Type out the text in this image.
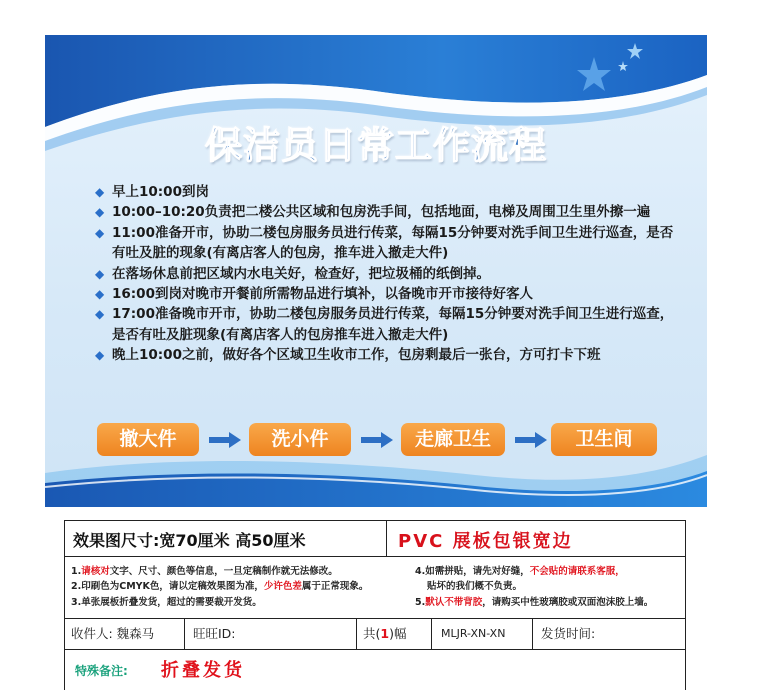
保洁员日常工作流程
◆ 早上10:00到岗
◆ 10:00–10:20负责把二楼公共区域和包房洗手间，包括地面，电梯及周围卫生里外擦一遍
◆ 11:00准备开市，协助二楼包房服务员进行传菜，每隔15分钟要对洗手间卫生进行巡查，是否有吐及脏的现象(有离店客人的包房，推车进入撤走大件)
◆ 在落场休息前把区域内水电关好，检查好，把垃圾桶的纸倒掉。
◆ 16:00到岗对晚市开餐前所需物品进行填补，以备晚市开市接待好客人
◆ 17:00准备晚市开市，协助二楼包房服务员进行传菜，每隔15分钟要对洗手间卫生进行巡查，是否有吐及脏现象(有离店客人的包房推车进入撤走大件)
◆ 晚上10:00之前，做好各个区域卫生收市工作，包房剩最后一张台，方可打卡下班
撤大件	洗小件	走廊卫生	卫生间
效果图尺寸:宽70厘米 高50厘米	PVC 展板包银宽边
1.请核对文字、尺寸、颜色等信息，一旦定稿制作就无法修改。
2.印刷色为CMYK色，请以定稿效果图为准，少许色差属于正常现象。
3.单张展板折叠发货，超过的需要裁开发货。
4.如需拼贴，请先对好缝，不会贴的请联系客服，
贴坏的我们概不负责。
5.默认不带背胶，请购买中性玻璃胶或双面泡沫胶上墙。
收件人: 魏森马	旺旺ID:	共(1)幅	MLJR-XN-XN	发货时间:
特殊备注: 折叠发货
